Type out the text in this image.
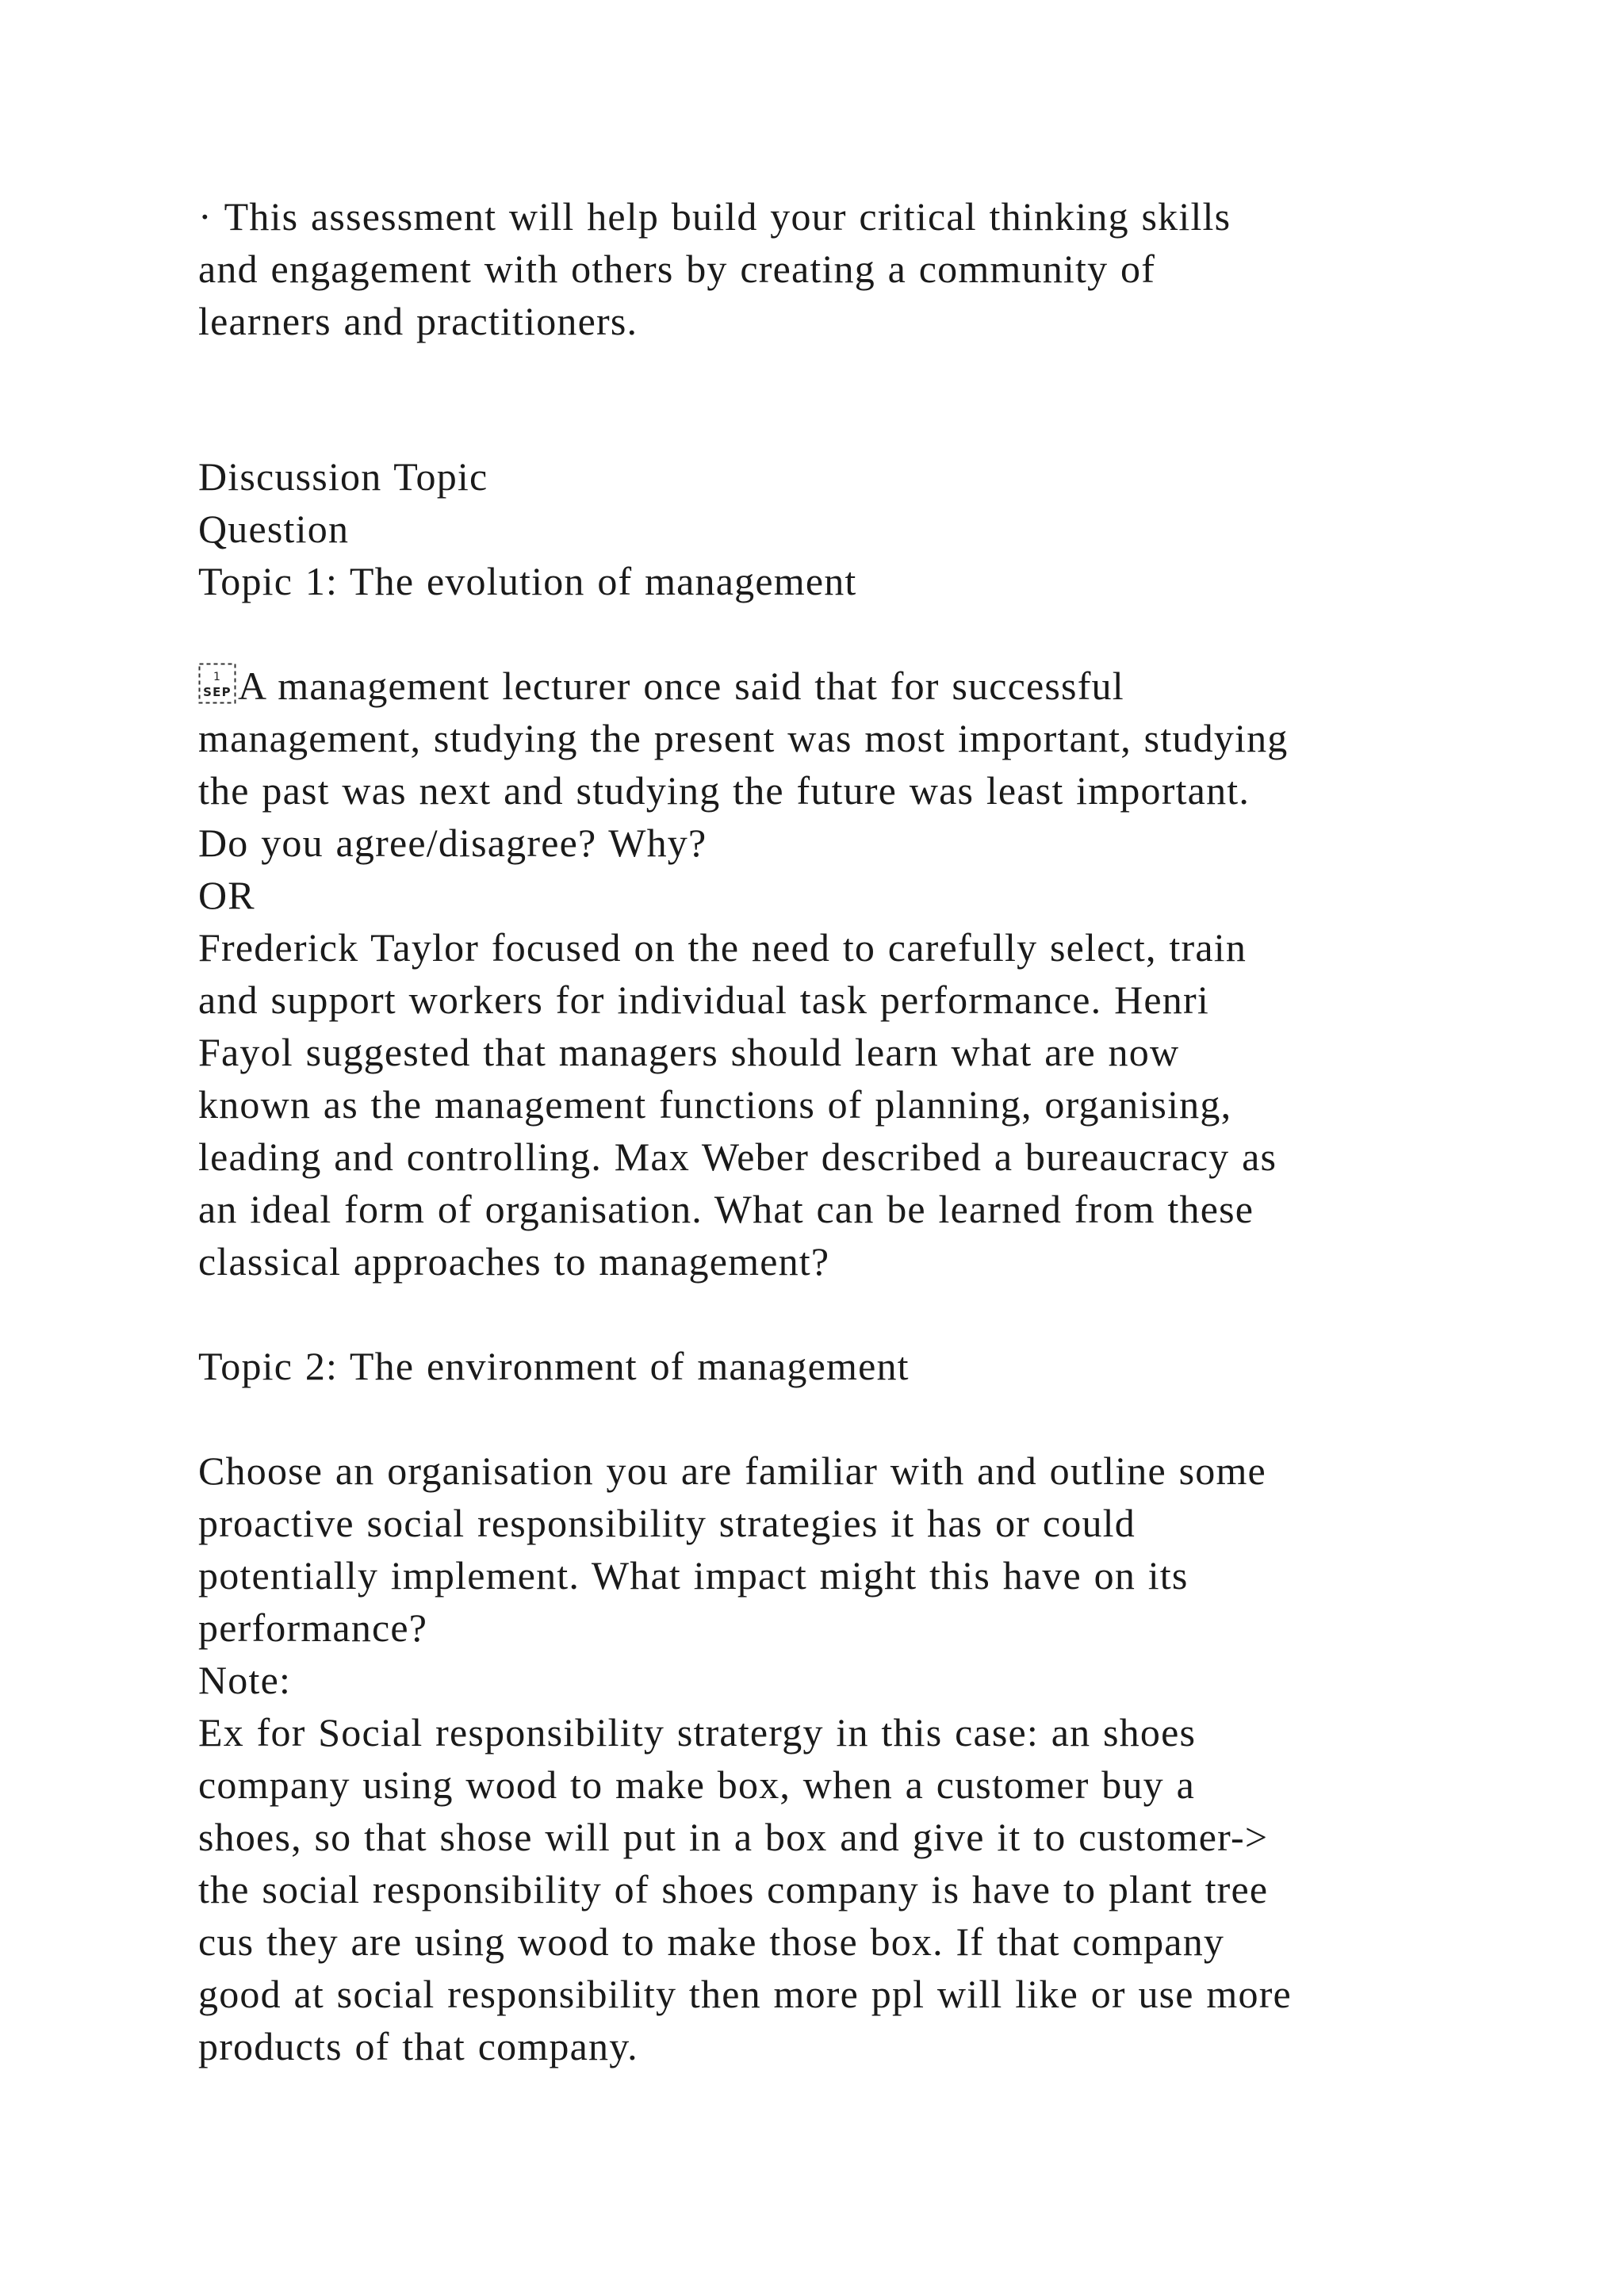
· This assessment will help build your critical thinking skills
and engagement with others by creating a community of
learners and practitioners.
Discussion Topic
Question
Topic 1: The evolution of management
1
SEP A management lecturer once said that for successful
management, studying the present was most important, studying
the past was next and studying the future was least important.
Do you agree/disagree? Why?
OR
Frederick Taylor focused on the need to carefully select, train
and support workers for individual task performance. Henri
Fayol suggested that managers should learn what are now
known as the management functions of planning, organising,
leading and controlling. Max Weber described a bureaucracy as
an ideal form of organisation. What can be learned from these
classical approaches to management?
Topic 2: The environment of management
Choose an organisation you are familiar with and outline some
proactive social responsibility strategies it has or could
potentially implement. What impact might this have on its
performance?
Note:
Ex for Social responsibility stratergy in this case: an shoes
company using wood to make box, when a customer buy a
shoes, so that shose will put in a box and give it to customer->
the social responsibility of shoes company is have to plant tree
cus they are using wood to make those box. If that company
good at social responsibility then more ppl will like or use more
products of that company.
